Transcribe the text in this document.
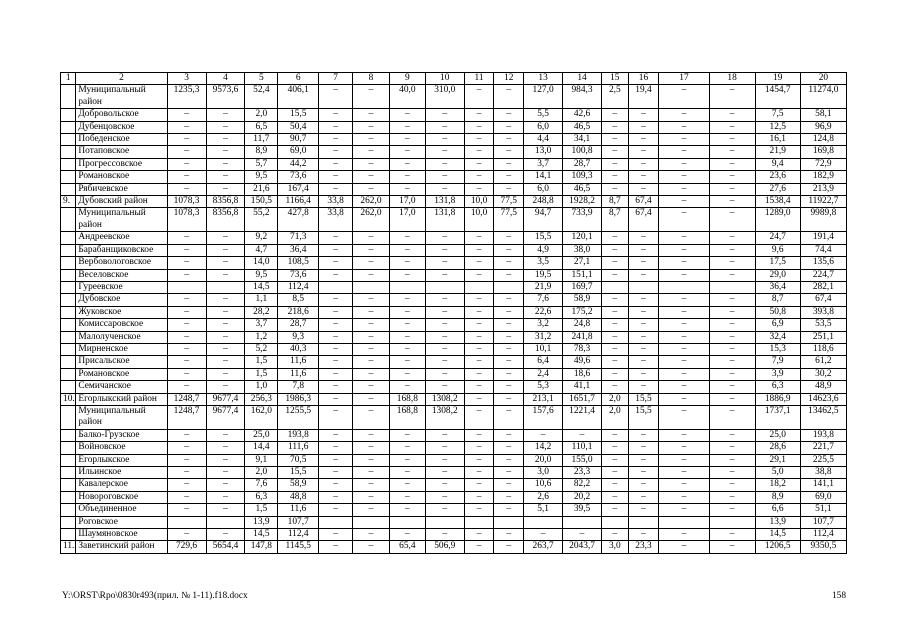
1	2	3	4	5	6	7	8	9	10	11	12	13	14	15	16	17	18	19	20
	Муниципальный район	1235,3	9573,6	52,4	406,1	–	–	40,0	310,0	–	–	127,0	984,3	2,5	19,4	–	–	1454,7	11274,0
	Добровольское	–	–	2,0	15,5	–	–	–	–	–	–	5,5	42,6	–	–	–	–	7,5	58,1
	Дубенцовское	–	–	6,5	50,4	–	–	–	–	–	–	6,0	46,5	–	–	–	–	12,5	96,9
	Победенское	–	–	11,7	90,7	–	–	–	–	–	–	4,4	34,1	–	–	–	–	16,1	124,8
	Потаповское	–	–	8,9	69,0	–	–	–	–	–	–	13,0	100,8	–	–	–	–	21,9	169,8
	Прогрессовское	–	–	5,7	44,2	–	–	–	–	–	–	3,7	28,7	–	–	–	–	9,4	72,9
	Романовское	–	–	9,5	73,6	–	–	–	–	–	–	14,1	109,3	–	–	–	–	23,6	182,9
	Рябичевское	–	–	21,6	167,4	–	–	–	–	–	–	6,0	46,5	–	–	–	–	27,6	213,9
9.	Дубовский район	1078,3	8356,8	150,5	1166,4	33,8	262,0	17,0	131,8	10,0	77,5	248,8	1928,2	8,7	67,4	–	–	1538,4	11922,7
	Муниципальный район	1078,3	8356,8	55,2	427,8	33,8	262,0	17,0	131,8	10,0	77,5	94,7	733,9	8,7	67,4	–	–	1289,0	9989,8
	Андреевское	–	–	9,2	71,3	–	–	–	–	–	–	15,5	120,1	–	–	–	–	24,7	191,4
	Барабанщиковское	–	–	4,7	36,4	–	–	–	–	–	–	4,9	38,0	–	–	–	–	9,6	74,4
	Вербовологовское	–	–	14,0	108,5	–	–	–	–	–	–	3,5	27,1	–	–	–	–	17,5	135,6
	Веселовское	–	–	9,5	73,6	–	–	–	–	–	–	19,5	151,1	–	–	–	–	29,0	224,7
	Гуреевское			14,5	112,4							21,9	169,7					36,4	282,1
	Дубовское	–	–	1,1	8,5	–	–	–	–	–	–	7,6	58,9	–	–	–	–	8,7	67,4
	Жуковское	–	–	28,2	218,6	–	–	–	–	–	–	22,6	175,2	–	–	–	–	50,8	393,8
	Комиссаровское	–	–	3,7	28,7	–	–	–	–	–	–	3,2	24,8	–	–	–	–	6,9	53,5
	Малолученское	–	–	1,2	9,3	–	–	–	–	–	–	31,2	241,8	–	–	–	–	32,4	251,1
	Мирненское	–	–	5,2	40,3	–	–	–	–	–	–	10,1	78,3	–	–	–	–	15,3	118,6
	Присальское	–	–	1,5	11,6	–	–	–	–	–	–	6,4	49,6	–	–	–	–	7,9	61,2
	Романовское	–	–	1,5	11,6	–	–	–	–	–	–	2,4	18,6	–	–	–	–	3,9	30,2
	Семичанское	–	–	1,0	7,8	–	–	–	–	–	–	5,3	41,1	–	–	–	–	6,3	48,9
10.	Егорлыкский район	1248,7	9677,4	256,3	1986,3	–	–	168,8	1308,2	–	–	213,1	1651,7	2,0	15,5	–	–	1886,9	14623,6
	Муниципальный район	1248,7	9677,4	162,0	1255,5	–	–	168,8	1308,2	–	–	157,6	1221,4	2,0	15,5	–	–	1737,1	13462,5
	Балко-Грузское	–	–	25,0	193,8	–	–	–	–	–	–	–	–	–	–	–	–	25,0	193,8
	Войновское	–	–	14,4	111,6	–	–	–	–	–	–	14,2	110,1	–	–	–	–	28,6	221,7
	Егорлыкское	–	–	9,1	70,5	–	–	–	–	–	–	20,0	155,0	–	–	–	–	29,1	225,5
	Ильинское	–	–	2,0	15,5	–	–	–	–	–	–	3,0	23,3	–	–	–	–	5,0	38,8
	Кавалерское	–	–	7,6	58,9	–	–	–	–	–	–	10,6	82,2	–	–	–	–	18,2	141,1
	Новороговское	–	–	6,3	48,8	–	–	–	–	–	–	2,6	20,2	–	–	–	–	8,9	69,0
	Объединенное	–	–	1,5	11,6	–	–	–	–	–	–	5,1	39,5	–	–	–	–	6,6	51,1
	Роговское			13,9	107,7													13,9	107,7
	Шаумяновское	–	–	14,5	112,4	–	–	–	–	–	–	–	–	–	–	–	–	14,5	112,4
11.	Заветинский район	729,6	5654,4	147,8	1145,5	–	–	65,4	506,9	–	–	263,7	2043,7	3,0	23,3	–	–	1206,5	9350,5
Y:\ORST\Rpo\0830r493(прил. № 1-11).f18.docx	158
